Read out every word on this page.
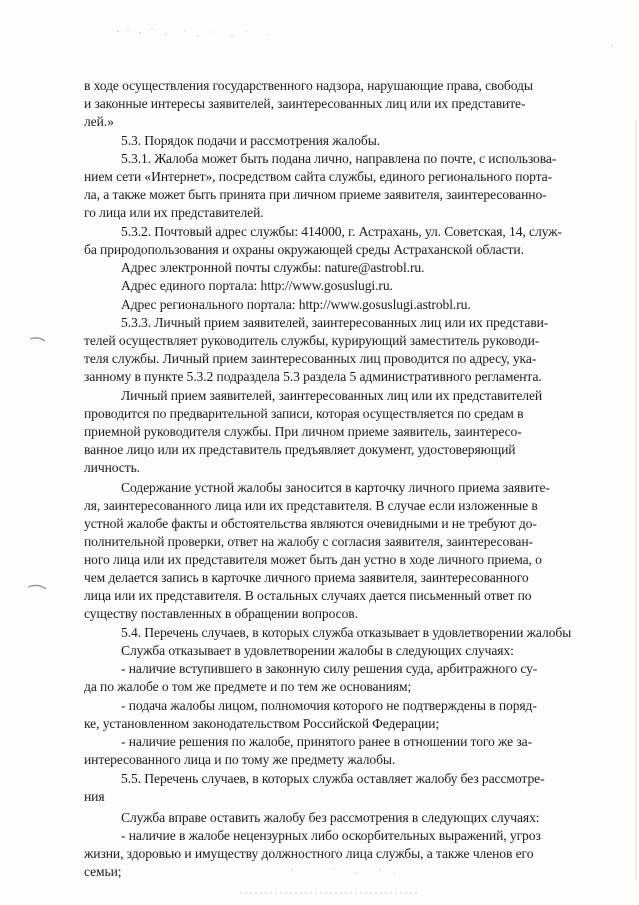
в ходе осуществления государственного надзора, нарушающие права, свободы
и законные интересы заявителей, заинтересованных лиц или их представите-
лей.»
5.3. Порядок подачи и рассмотрения жалобы.
5.3.1. Жалоба может быть подана лично, направлена по почте, с использова-
нием сети «Интернет», посредством сайта службы, единого регионального порта-
ла, а также может быть принята при личном приеме заявителя, заинтересованно-
го лица или их представителей.
5.3.2. Почтовый адрес службы: 414000, г. Астрахань, ул. Советская, 14, служ-
ба природопользования и охраны окружающей среды Астраханской области.
Адрес электронной почты службы: nature@astrobl.ru.
Адрес единого портала: http://www.gosuslugi.ru.
Адрес регионального портала: http://www.gosuslugi.astrobl.ru.
5.3.3. Личный прием заявителей, заинтересованных лиц или их представи-
телей осуществляет руководитель службы, курирующий заместитель руководи-
теля службы. Личный прием заинтересованных лиц проводится по адресу, ука-
занному в пункте 5.3.2 подраздела 5.3 раздела 5 административного регламента.
Личный прием заявителей, заинтересованных лиц или их представителей
проводится по предварительной записи, которая осуществляется по средам в
приемной руководителя службы. При личном приеме заявитель, заинтересо-
ванное лицо или их представитель предъявляет документ, удостоверяющий
личность.
Содержание устной жалобы заносится в карточку личного приема заявите-
ля, заинтересованного лица или их представителя. В случае если изложенные в
устной жалобе факты и обстоятельства являются очевидными и не требуют до-
полнительной проверки, ответ на жалобу с согласия заявителя, заинтересован-
ного лица или их представителя может быть дан устно в ходе личного приема, о
чем делается запись в карточке личного приема заявителя, заинтересованного
лица или их представителя. В остальных случаях дается письменный ответ по
существу поставленных в обращении вопросов.
5.4. Перечень случаев, в которых служба отказывает в удовлетворении жалобы
Служба отказывает в удовлетворении жалобы в следующих случаях:
- наличие вступившего в законную силу решения суда, арбитражного су-
да по жалобе о том же предмете и по тем же основаниям;
- подача жалобы лицом, полномочия которого не подтверждены в поряд-
ке, установленном законодательством Российской Федерации;
- наличие решения по жалобе, принятого ранее в отношении того же за-
интересованного лица и по тому же предмету жалобы.
5.5. Перечень случаев, в которых служба оставляет жалобу без рассмотре-
ния
Служба вправе оставить жалобу без рассмотрения в следующих случаях:
- наличие в жалобе нецензурных либо оскорбительных выражений, угроз
жизни, здоровью и имуществу должностного лица службы, а также членов его
семьи;
